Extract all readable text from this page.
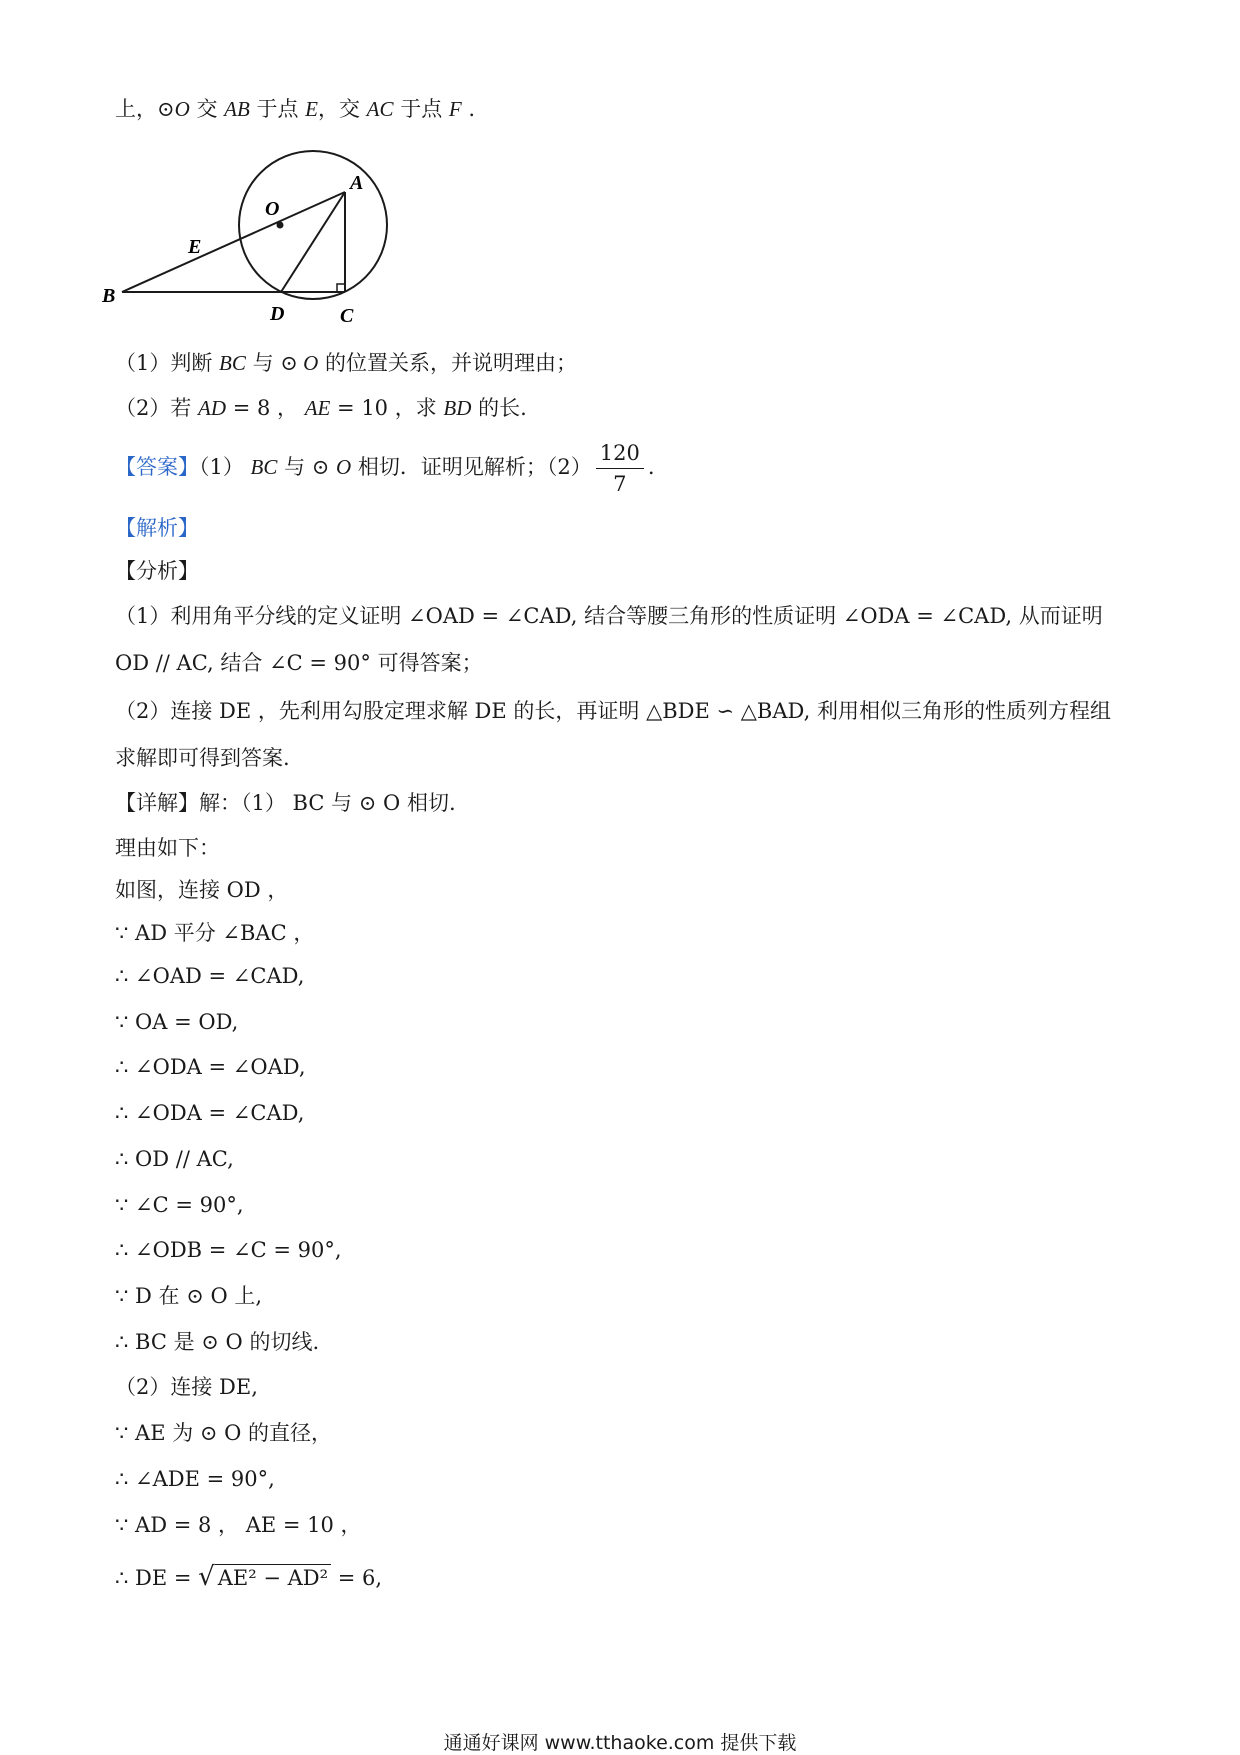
上，⊙O 交 AB 于点 E，交 AC 于点 F .
O
A
E
B
D	C
（1）判断 BC 与 ⊙ O 的位置关系，并说明理由；
（2）若 AD = 8 ， AE = 10 ，求 BD 的长.
【答案】（1） BC 与 ⊙ O 相切．证明见解析；$(2) \frac{120}{7}$ .
【解析】
【分析】
（1）利用角平分线的定义证明 ∠OAD = ∠CAD, 结合等腰三角形的性质证明 ∠ODA = ∠CAD, 从而证明
OD // AC, 结合 ∠C = 90° 可得答案；
（2）连接 DE ，先利用勾股定理求解 DE 的长，再证明 △BDE ∽ △BAD, 利用相似三角形的性质列方程组
求解即可得到答案.
【详解】解：（1） BC 与 ⊙ O 相切.
理由如下：
如图，连接 OD ，
∵ AD 平分 ∠BAC ，
∴ ∠OAD = ∠CAD,
∵ OA = OD,
∴ ∠ODA = ∠OAD,
∴ ∠ODA = ∠CAD,
∴ OD // AC,
∵ ∠C = 90°,
∴ ∠ODB = ∠C = 90°,
∵ D 在 ⊙ O 上,
∴ BC 是 ⊙ O 的切线.
（2）连接 DE,
∵ AE 为 ⊙ O 的直径，
∴ ∠ADE = 90°,
∵ AD = 8 ， AE = 10 ，
∴ DE = √ AE² − AD² = 6,
通通好课网 www.tthaoke.com 提供下载
